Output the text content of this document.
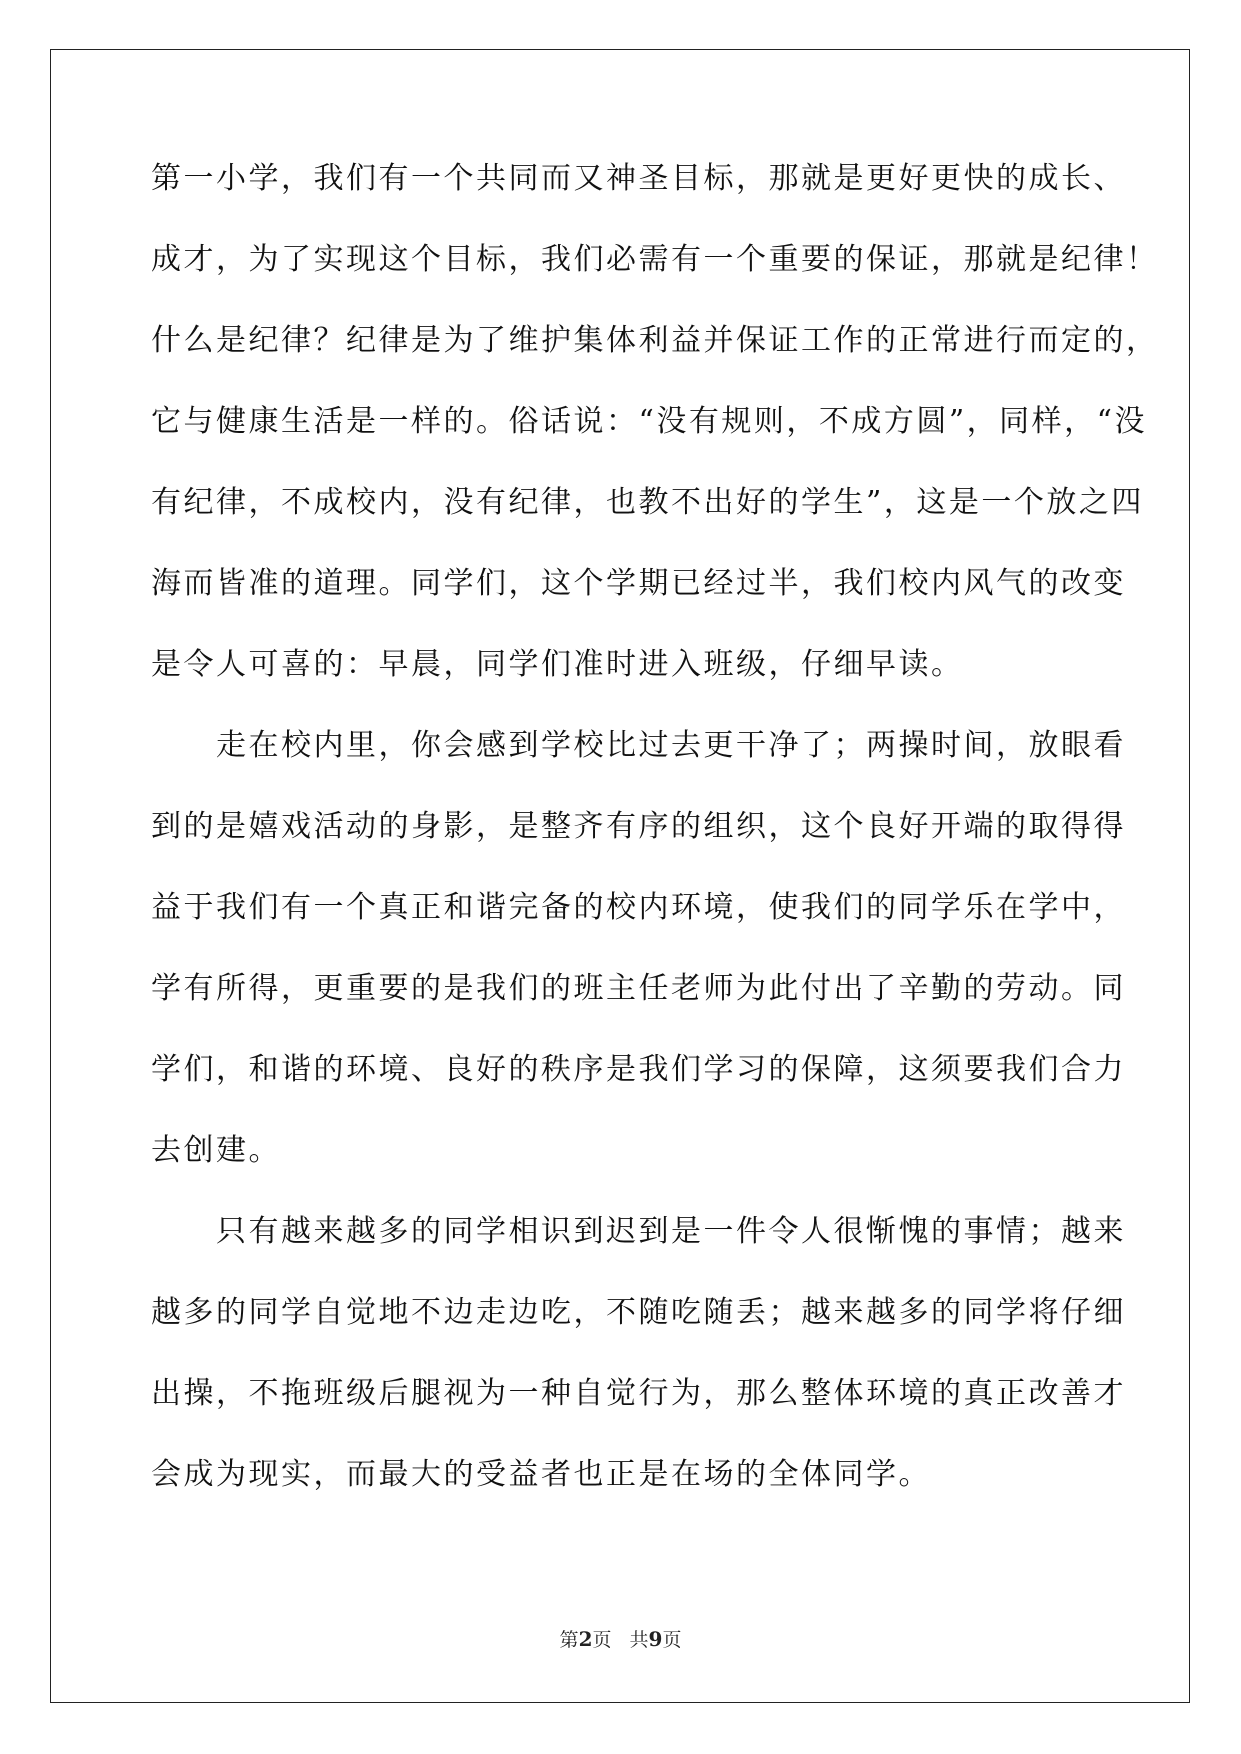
第一小学，我们有一个共同而又神圣目标，那就是更好更快的成长、
成才，为了实现这个目标，我们必需有一个重要的保证，那就是纪律！
什么是纪律？纪律是为了维护集体利益并保证工作的正常进行而定的，
它与健康生活是一样的。俗话说：“没有规则，不成方圆”，同样，“没
有纪律，不成校内，没有纪律，也教不出好的学生”，这是一个放之四
海而皆准的道理。同学们，这个学期已经过半，我们校内风气的改变
是令人可喜的：早晨，同学们准时进入班级，仔细早读。
　　走在校内里，你会感到学校比过去更干净了；两操时间，放眼看
到的是嬉戏活动的身影，是整齐有序的组织，这个良好开端的取得得
益于我们有一个真正和谐完备的校内环境，使我们的同学乐在学中，
学有所得，更重要的是我们的班主任老师为此付出了辛勤的劳动。同
学们，和谐的环境、良好的秩序是我们学习的保障，这须要我们合力
去创建。
　　只有越来越多的同学相识到迟到是一件令人很惭愧的事情；越来
越多的同学自觉地不边走边吃，不随吃随丢；越来越多的同学将仔细
出操，不拖班级后腿视为一种自觉行为，那么整体环境的真正改善才
会成为现实，而最大的受益者也正是在场的全体同学。
第2页 共9页
